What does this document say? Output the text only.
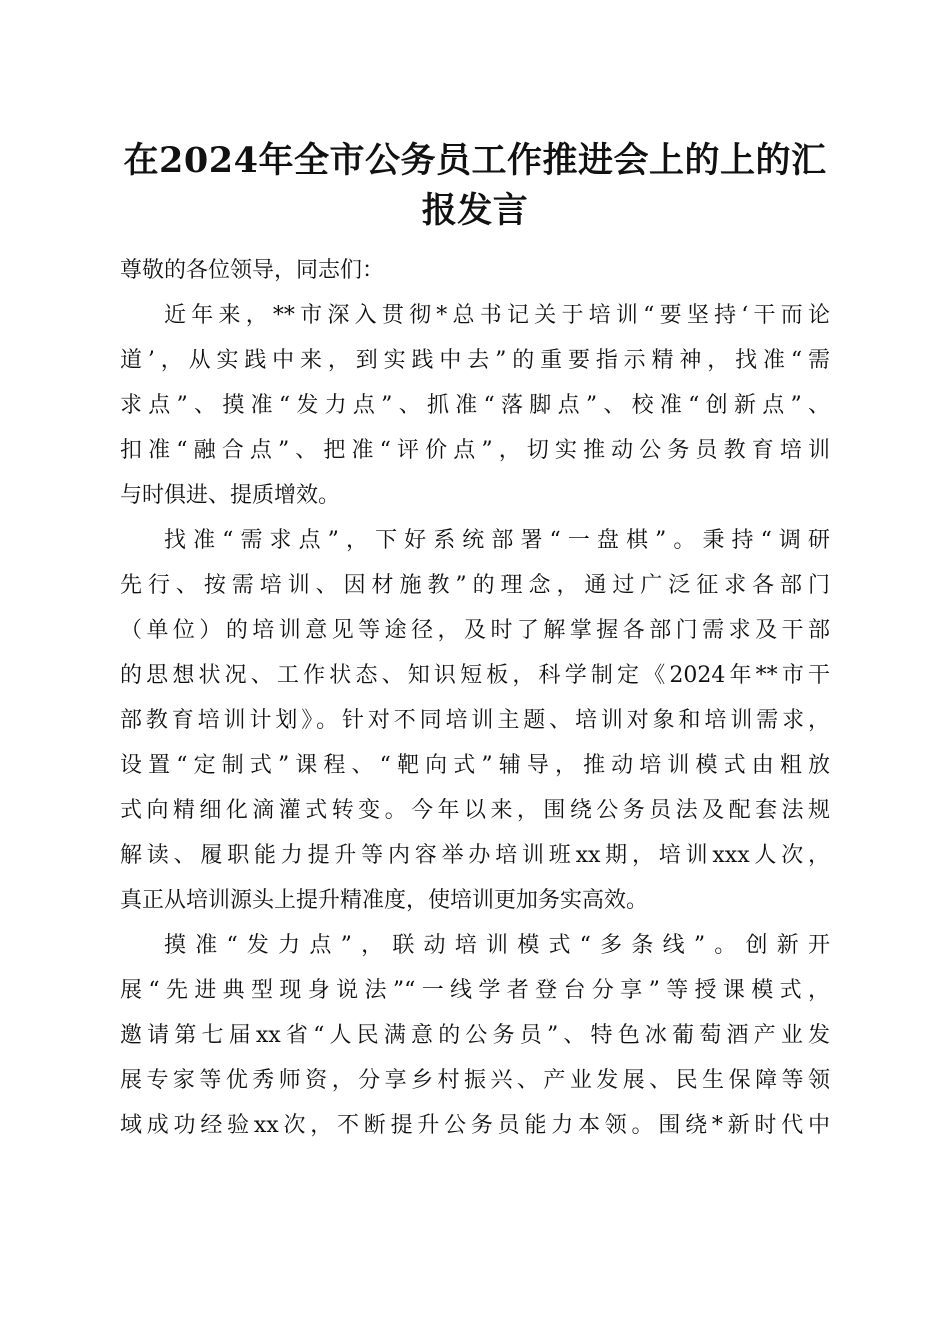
在2024年全市公务员工作推进会上的上的汇
报发言

尊敬的各位领导，同志们：

近年来，**市深入贯彻*总书记关于培训“要坚持‘干而论
道’，从实践中来，到实践中去”的重要指示精神，找准“需
求点”、摸准“发力点”、抓准“落脚点”、校准“创新点”、
扣准“融合点”、把准“评价点”，切实推动公务员教育培训
与时俱进、提质增效。

找准“需求点”，下好系统部署“一盘棋”。秉持“调研
先行、按需培训、因材施教”的理念，通过广泛征求各部门
（单位）的培训意见等途径，及时了解掌握各部门需求及干部
的思想状况、工作状态、知识短板，科学制定《2024年**市干
部教育培训计划》。针对不同培训主题、培训对象和培训需求，
设置“定制式”课程、“靶向式”辅导，推动培训模式由粗放
式向精细化滴灌式转变。今年以来，围绕公务员法及配套法规
解读、履职能力提升等内容举办培训班xx期，培训xxx人次，
真正从培训源头上提升精准度，使培训更加务实高效。

摸准“发力点”，联动培训模式“多条线”。创新开
展“先进典型现身说法”“一线学者登台分享”等授课模式，
邀请第七届xx省“人民满意的公务员”、特色冰葡萄酒产业发
展专家等优秀师资，分享乡村振兴、产业发展、民生保障等领
域成功经验xx次，不断提升公务员能力本领。围绕*新时代中
